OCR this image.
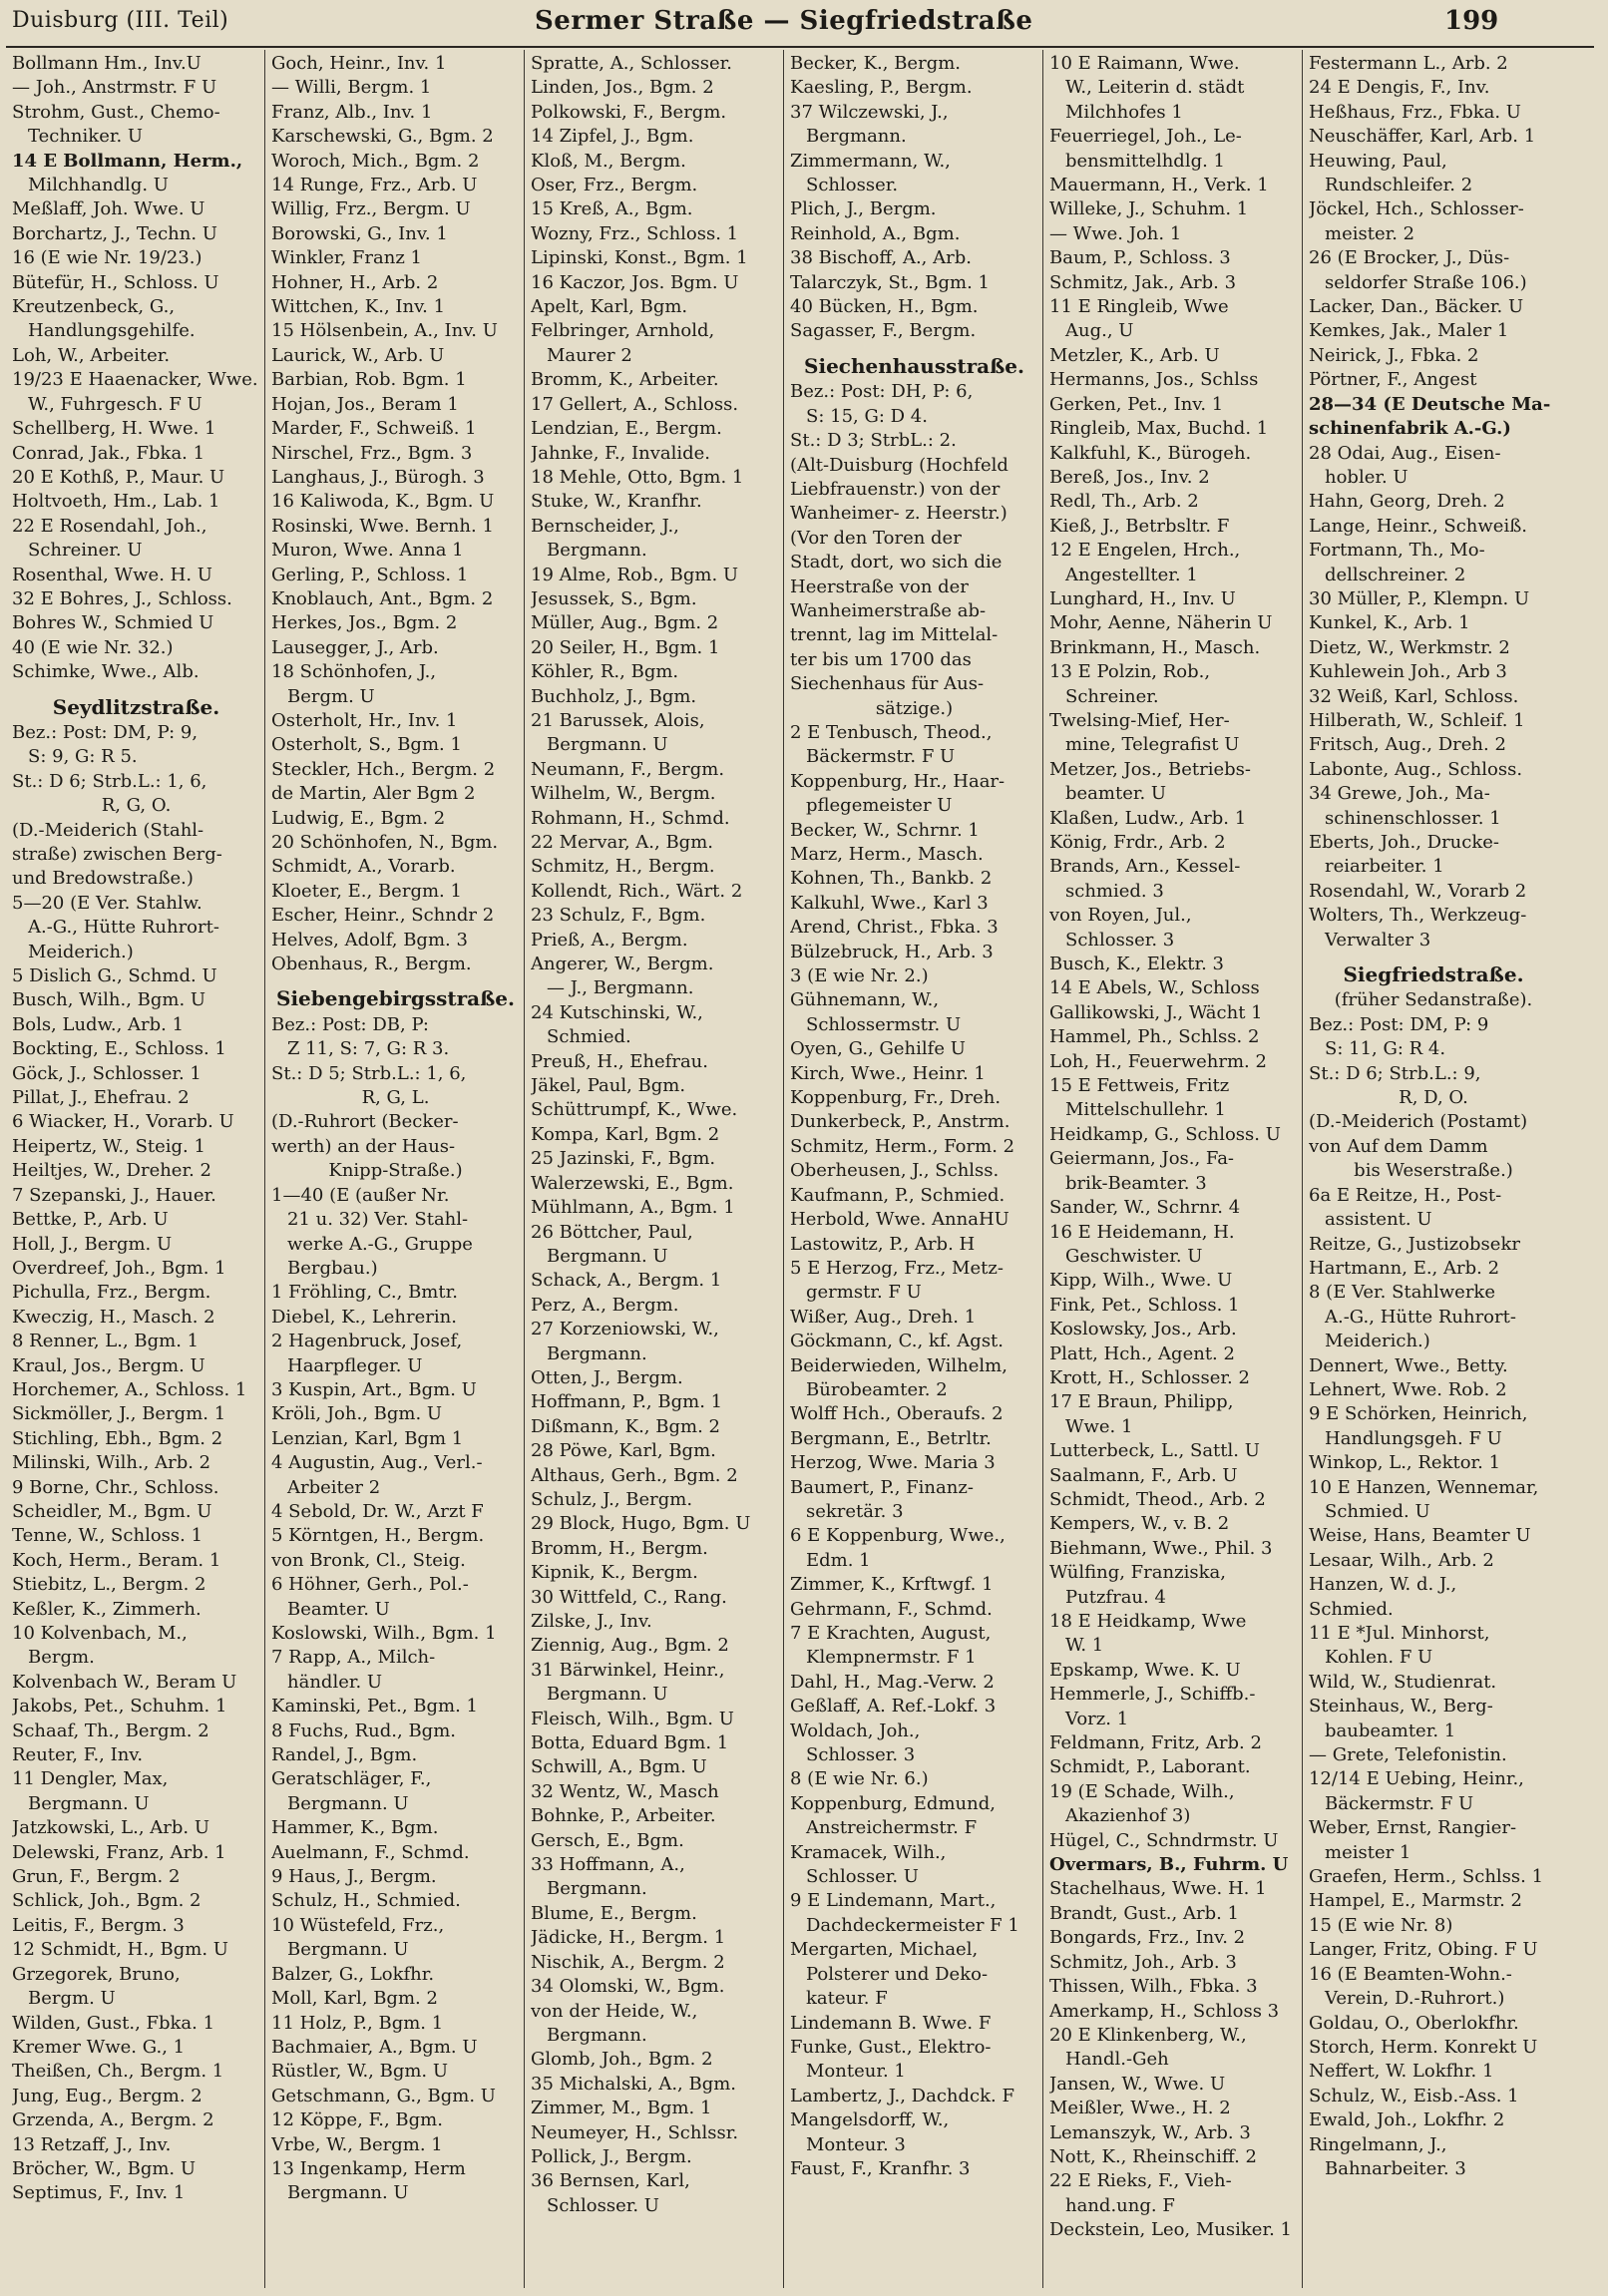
Duisburg (III. Teil)	Sermer Straße — Siegfriedstraße	199
Bollmann Hm., Inv.U
— Joh., Anstrmstr. F U
Strohm, Gust., Chemo-
Techniker. U
14 E Bollmann, Herm.,
Milchhandlg. U
Meßlaff, Joh. Wwe. U
Borchartz, J., Techn. U
16 (E wie Nr. 19/23.)
Bütefür, H., Schloss. U
Kreutzenbeck, G.,
Handlungsgehilfe.
Loh, W., Arbeiter.
19/23 E Haaenacker, Wwe.
W., Fuhrgesch. F U
Schellberg, H. Wwe. 1
Conrad, Jak., Fbka. 1
20 E Kothß, P., Maur. U
Holtvoeth, Hm., Lab. 1
22 E Rosendahl, Joh.,
Schreiner. U
Rosenthal, Wwe. H. U
32 E Bohres, J., Schloss.
Bohres W., Schmied U
40 (E wie Nr. 32.)
Schimke, Wwe., Alb.
Seydlitzstraße.
Bez.: Post: DM, P: 9,
S: 9, G: R 5.
St.: D 6; Strb.L.: 1, 6,
R, G, O.
(D.-Meiderich (Stahl-
straße) zwischen Berg-
und Bredowstraße.)
5—20 (E Ver. Stahlw.
A.-G., Hütte Ruhrort-
Meiderich.)
5 Dislich G., Schmd. U
Busch, Wilh., Bgm. U
Bols, Ludw., Arb. 1
Bockting, E., Schloss. 1
Göck, J., Schlosser. 1
Pillat, J., Ehefrau. 2
6 Wiacker, H., Vorarb. U
Heipertz, W., Steig. 1
Heiltjes, W., Dreher. 2
7 Szepanski, J., Hauer.
Bettke, P., Arb. U
Holl, J., Bergm. U
Overdreef, Joh., Bgm. 1
Pichulla, Frz., Bergm.
Kweczig, H., Masch. 2
8 Renner, L., Bgm. 1
Kraul, Jos., Bergm. U
Horchemer, A., Schloss. 1
Sickmöller, J., Bergm. 1
Stichling, Ebh., Bgm. 2
Milinski, Wilh., Arb. 2
9 Borne, Chr., Schloss.
Scheidler, M., Bgm. U
Tenne, W., Schloss. 1
Koch, Herm., Beram. 1
Stiebitz, L., Bergm. 2
Keßler, K., Zimmerh.
10 Kolvenbach, M.,
Bergm.
Kolvenbach W., Beram U
Jakobs, Pet., Schuhm. 1
Schaaf, Th., Bergm. 2
Reuter, F., Inv.
11 Dengler, Max,
Bergmann. U
Jatzkowski, L., Arb. U
Delewski, Franz, Arb. 1
Grun, F., Bergm. 2
Schlick, Joh., Bgm. 2
Leitis, F., Bergm. 3
12 Schmidt, H., Bgm. U
Grzegorek, Bruno,
Bergm. U
Wilden, Gust., Fbka. 1
Kremer Wwe. G., 1
Theißen, Ch., Bergm. 1
Jung, Eug., Bergm. 2
Grzenda, A., Bergm. 2
13 Retzaff, J., Inv.
Bröcher, W., Bgm. U
Septimus, F., Inv. 1
Goch, Heinr., Inv. 1
— Willi, Bergm. 1
Franz, Alb., Inv. 1
Karschewski, G., Bgm. 2
Woroch, Mich., Bgm. 2
14 Runge, Frz., Arb. U
Willig, Frz., Bergm. U
Borowski, G., Inv. 1
Winkler, Franz 1
Hohner, H., Arb. 2
Wittchen, K., Inv. 1
15 Hölsenbein, A., Inv. U
Laurick, W., Arb. U
Barbian, Rob. Bgm. 1
Hojan, Jos., Beram 1
Marder, F., Schweiß. 1
Nirschel, Frz., Bgm. 3
Langhaus, J., Bürogh. 3
16 Kaliwoda, K., Bgm. U
Rosinski, Wwe. Bernh. 1
Muron, Wwe. Anna 1
Gerling, P., Schloss. 1
Knoblauch, Ant., Bgm. 2
Herkes, Jos., Bgm. 2
Lausegger, J., Arb.
18 Schönhofen, J.,
Bergm. U
Osterholt, Hr., Inv. 1
Osterholt, S., Bgm. 1
Steckler, Hch., Bergm. 2
de Martin, Aler Bgm 2
Ludwig, E., Bgm. 2
20 Schönhofen, N., Bgm.
Schmidt, A., Vorarb.
Kloeter, E., Bergm. 1
Escher, Heinr., Schndr 2
Helves, Adolf, Bgm. 3
Obenhaus, R., Bergm.
Siebengebirgsstraße.
Bez.: Post: DB, P:
Z 11, S: 7, G: R 3.
St.: D 5; Strb.L.: 1, 6,
R, G, L.
(D.-Ruhrort (Becker-
werth) an der Haus-
Knipp-Straße.)
1—40 (E (außer Nr.
21 u. 32) Ver. Stahl-
werke A.-G., Gruppe
Bergbau.)
1 Fröhling, C., Bmtr.
Diebel, K., Lehrerin.
2 Hagenbruck, Josef,
Haarpfleger. U
3 Kuspin, Art., Bgm. U
Kröli, Joh., Bgm. U
Lenzian, Karl, Bgm 1
4 Augustin, Aug., Verl.-
Arbeiter 2
4 Sebold, Dr. W., Arzt F
5 Körntgen, H., Bergm.
von Bronk, Cl., Steig.
6 Höhner, Gerh., Pol.-
Beamter. U
Koslowski, Wilh., Bgm. 1
7 Rapp, A., Milch-
händler. U
Kaminski, Pet., Bgm. 1
8 Fuchs, Rud., Bgm.
Randel, J., Bgm.
Geratschläger, F.,
Bergmann. U
Hammer, K., Bgm.
Auelmann, F., Schmd.
9 Haus, J., Bergm.
Schulz, H., Schmied.
10 Wüstefeld, Frz.,
Bergmann. U
Balzer, G., Lokfhr.
Moll, Karl, Bgm. 2
11 Holz, P., Bgm. 1
Bachmaier, A., Bgm. U
Rüstler, W., Bgm. U
Getschmann, G., Bgm. U
12 Köppe, F., Bgm.
Vrbe, W., Bergm. 1
13 Ingenkamp, Herm
Bergmann. U
Spratte, A., Schlosser.
Linden, Jos., Bgm. 2
Polkowski, F., Bergm.
14 Zipfel, J., Bgm.
Kloß, M., Bergm.
Oser, Frz., Bergm.
15 Kreß, A., Bgm.
Wozny, Frz., Schloss. 1
Lipinski, Konst., Bgm. 1
16 Kaczor, Jos. Bgm. U
Apelt, Karl, Bgm.
Felbringer, Arnhold,
Maurer 2
Bromm, K., Arbeiter.
17 Gellert, A., Schloss.
Lendzian, E., Bergm.
Jahnke, F., Invalide.
18 Mehle, Otto, Bgm. 1
Stuke, W., Kranfhr.
Bernscheider, J.,
Bergmann.
19 Alme, Rob., Bgm. U
Jesussek, S., Bgm.
Müller, Aug., Bgm. 2
20 Seiler, H., Bgm. 1
Köhler, R., Bgm.
Buchholz, J., Bgm.
21 Barussek, Alois,
Bergmann. U
Neumann, F., Bergm.
Wilhelm, W., Bergm.
Rohmann, H., Schmd.
22 Mervar, A., Bgm.
Schmitz, H., Bergm.
Kollendt, Rich., Wärt. 2
23 Schulz, F., Bgm.
Prieß, A., Bergm.
Angerer, W., Bergm.
— J., Bergmann.
24 Kutschinski, W.,
Schmied.
Preuß, H., Ehefrau.
Jäkel, Paul, Bgm.
Schüttrumpf, K., Wwe.
Kompa, Karl, Bgm. 2
25 Jazinski, F., Bgm.
Walerzewski, E., Bgm.
Mühlmann, A., Bgm. 1
26 Böttcher, Paul,
Bergmann. U
Schack, A., Bergm. 1
Perz, A., Bergm.
27 Korzeniowski, W.,
Bergmann.
Otten, J., Bergm.
Hoffmann, P., Bgm. 1
Dißmann, K., Bgm. 2
28 Pöwe, Karl, Bgm.
Althaus, Gerh., Bgm. 2
Schulz, J., Bergm.
29 Block, Hugo, Bgm. U
Bromm, H., Bergm.
Kipnik, K., Bergm.
30 Wittfeld, C., Rang.
Zilske, J., Inv.
Ziennig, Aug., Bgm. 2
31 Bärwinkel, Heinr.,
Bergmann. U
Fleisch, Wilh., Bgm. U
Botta, Eduard Bgm. 1
Schwill, A., Bgm. U
32 Wentz, W., Masch
Bohnke, P., Arbeiter.
Gersch, E., Bgm.
33 Hoffmann, A.,
Bergmann.
Blume, E., Bergm.
Jädicke, H., Bergm. 1
Nischik, A., Bergm. 2
34 Olomski, W., Bgm.
von der Heide, W.,
Bergmann.
Glomb, Joh., Bgm. 2
35 Michalski, A., Bgm.
Zimmer, M., Bgm. 1
Neumeyer, H., Schlssr.
Pollick, J., Bergm.
36 Bernsen, Karl,
Schlosser. U
Becker, K., Bergm.
Kaesling, P., Bergm.
37 Wilczewski, J.,
Bergmann.
Zimmermann, W.,
Schlosser.
Plich, J., Bergm.
Reinhold, A., Bgm.
38 Bischoff, A., Arb.
Talarczyk, St., Bgm. 1
40 Bücken, H., Bgm.
Sagasser, F., Bergm.
Siechenhausstraße.
Bez.: Post: DH, P: 6,
S: 15, G: D 4.
St.: D 3; StrbL.: 2.
(Alt-Duisburg (Hochfeld
Liebfrauenstr.) von der
Wanheimer- z. Heerstr.)
(Vor den Toren der
Stadt, dort, wo sich die
Heerstraße von der
Wanheimerstraße ab-
trennt, lag im Mittelal-
ter bis um 1700 das
Siechenhaus für Aus-
sätzige.)
2 E Tenbusch, Theod.,
Bäckermstr. F U
Koppenburg, Hr., Haar-
pflegemeister U
Becker, W., Schrnr. 1
Marz, Herm., Masch.
Kohnen, Th., Bankb. 2
Kalkuhl, Wwe., Karl 3
Arend, Christ., Fbka. 3
Bülzebruck, H., Arb. 3
3 (E wie Nr. 2.)
Gühnemann, W.,
Schlossermstr. U
Oyen, G., Gehilfe U
Kirch, Wwe., Heinr. 1
Koppenburg, Fr., Dreh.
Dunkerbeck, P., Anstrm.
Schmitz, Herm., Form. 2
Oberheusen, J., Schlss.
Kaufmann, P., Schmied.
Herbold, Wwe. AnnaHU
Lastowitz, P., Arb. H
5 E Herzog, Frz., Metz-
germstr. F U
Wißer, Aug., Dreh. 1
Göckmann, C., kf. Agst.
Beiderwieden, Wilhelm,
Bürobeamter. 2
Wolff Hch., Oberaufs. 2
Bergmann, E., Betrltr.
Herzog, Wwe. Maria 3
Baumert, P., Finanz-
sekretär. 3
6 E Koppenburg, Wwe.,
Edm. 1
Zimmer, K., Krftwgf. 1
Gehrmann, F., Schmd.
7 E Krachten, August,
Klempnermstr. F 1
Dahl, H., Mag.-Verw. 2
Geßlaff, A. Ref.-Lokf. 3
Woldach, Joh.,
Schlosser. 3
8 (E wie Nr. 6.)
Koppenburg, Edmund,
Anstreichermstr. F
Kramacek, Wilh.,
Schlosser. U
9 E Lindemann, Mart.,
Dachdeckermeister F 1
Mergarten, Michael,
Polsterer und Deko-
kateur. F
Lindemann B. Wwe. F
Funke, Gust., Elektro-
Monteur. 1
Lambertz, J., Dachdck. F
Mangelsdorff, W.,
Monteur. 3
Faust, F., Kranfhr. 3
10 E Raimann, Wwe.
W., Leiterin d. städt
Milchhofes 1
Feuerriegel, Joh., Le-
bensmittelhdlg. 1
Mauermann, H., Verk. 1
Willeke, J., Schuhm. 1
— Wwe. Joh. 1
Baum, P., Schloss. 3
Schmitz, Jak., Arb. 3
11 E Ringleib, Wwe
Aug., U
Metzler, K., Arb. U
Hermanns, Jos., Schlss
Gerken, Pet., Inv. 1
Ringleib, Max, Buchd. 1
Kalkfuhl, K., Bürogeh.
Bereß, Jos., Inv. 2
Redl, Th., Arb. 2
Kieß, J., Betrbsltr. F
12 E Engelen, Hrch.,
Angestellter. 1
Lunghard, H., Inv. U
Mohr, Aenne, Näherin U
Brinkmann, H., Masch.
13 E Polzin, Rob.,
Schreiner.
Twelsing-Mief, Her-
mine, Telegrafist U
Metzer, Jos., Betriebs-
beamter. U
Klaßen, Ludw., Arb. 1
König, Frdr., Arb. 2
Brands, Arn., Kessel-
schmied. 3
von Royen, Jul.,
Schlosser. 3
Busch, K., Elektr. 3
14 E Abels, W., Schloss
Gallikowski, J., Wächt 1
Hammel, Ph., Schlss. 2
Loh, H., Feuerwehrm. 2
15 E Fettweis, Fritz
Mittelschullehr. 1
Heidkamp, G., Schloss. U
Geiermann, Jos., Fa-
brik-Beamter. 3
Sander, W., Schrnr. 4
16 E Heidemann, H.
Geschwister. U
Kipp, Wilh., Wwe. U
Fink, Pet., Schloss. 1
Koslowsky, Jos., Arb.
Platt, Hch., Agent. 2
Krott, H., Schlosser. 2
17 E Braun, Philipp,
Wwe. 1
Lutterbeck, L., Sattl. U
Saalmann, F., Arb. U
Schmidt, Theod., Arb. 2
Kempers, W., v. B. 2
Biehmann, Wwe., Phil. 3
Wülfing, Franziska,
Putzfrau. 4
18 E Heidkamp, Wwe
W. 1
Epskamp, Wwe. K. U
Hemmerle, J., Schiffb.-
Vorz. 1
Feldmann, Fritz, Arb. 2
Schmidt, P., Laborant.
19 (E Schade, Wilh.,
Akazienhof 3)
Hügel, C., Schndrmstr. U
Overmars, B., Fuhrm. U
Stachelhaus, Wwe. H. 1
Brandt, Gust., Arb. 1
Bongards, Frz., Inv. 2
Schmitz, Joh., Arb. 3
Thissen, Wilh., Fbka. 3
Amerkamp, H., Schloss 3
20 E Klinkenberg, W.,
Handl.-Geh
Jansen, W., Wwe. U
Meißler, Wwe., H. 2
Lemanszyk, W., Arb. 3
Nott, K., Rheinschiff. 2
22 E Rieks, F., Vieh-
hand.ung. F
Deckstein, Leo, Musiker. 1
Festermann L., Arb. 2
24 E Dengis, F., Inv.
Heßhaus, Frz., Fbka. U
Neuschäffer, Karl, Arb. 1
Heuwing, Paul,
Rundschleifer. 2
Jöckel, Hch., Schlosser-
meister. 2
26 (E Brocker, J., Düs-
seldorfer Straße 106.)
Lacker, Dan., Bäcker. U
Kemkes, Jak., Maler 1
Neirick, J., Fbka. 2
Pörtner, F., Angest
28—34 (E Deutsche Ma-
schinenfabrik A.-G.)
28 Odai, Aug., Eisen-
hobler. U
Hahn, Georg, Dreh. 2
Lange, Heinr., Schweiß.
Fortmann, Th., Mo-
dellschreiner. 2
30 Müller, P., Klempn. U
Kunkel, K., Arb. 1
Dietz, W., Werkmstr. 2
Kuhlewein Joh., Arb 3
32 Weiß, Karl, Schloss.
Hilberath, W., Schleif. 1
Fritsch, Aug., Dreh. 2
Labonte, Aug., Schloss.
34 Grewe, Joh., Ma-
schinenschlosser. 1
Eberts, Joh., Drucke-
reiarbeiter. 1
Rosendahl, W., Vorarb 2
Wolters, Th., Werkzeug-
Verwalter 3
Siegfriedstraße.
(früher Sedanstraße).
Bez.: Post: DM, P: 9
S: 11, G: R 4.
St.: D 6; Strb.L.: 9,
R, D, O.
(D.-Meiderich (Postamt)
von Auf dem Damm
bis Weserstraße.)
6a E Reitze, H., Post-
assistent. U
Reitze, G., Justizobsekr
Hartmann, E., Arb. 2
8 (E Ver. Stahlwerke
A.-G., Hütte Ruhrort-
Meiderich.)
Dennert, Wwe., Betty.
Lehnert, Wwe. Rob. 2
9 E Schörken, Heinrich,
Handlungsgeh. F U
Winkop, L., Rektor. 1
10 E Hanzen, Wennemar,
Schmied. U
Weise, Hans, Beamter U
Lesaar, Wilh., Arb. 2
Hanzen, W. d. J.,
Schmied.
11 E *Jul. Minhorst,
Kohlen. F U
Wild, W., Studienrat.
Steinhaus, W., Berg-
baubeamter. 1
— Grete, Telefonistin.
12/14 E Uebing, Heinr.,
Bäckermstr. F U
Weber, Ernst, Rangier-
meister 1
Graefen, Herm., Schlss. 1
Hampel, E., Marmstr. 2
15 (E wie Nr. 8)
Langer, Fritz, Obing. F U
16 (E Beamten-Wohn.-
Verein, D.-Ruhrort.)
Goldau, O., Oberlokfhr.
Storch, Herm. Konrekt U
Neffert, W. Lokfhr. 1
Schulz, W., Eisb.-Ass. 1
Ewald, Joh., Lokfhr. 2
Ringelmann, J.,
Bahnarbeiter. 3
